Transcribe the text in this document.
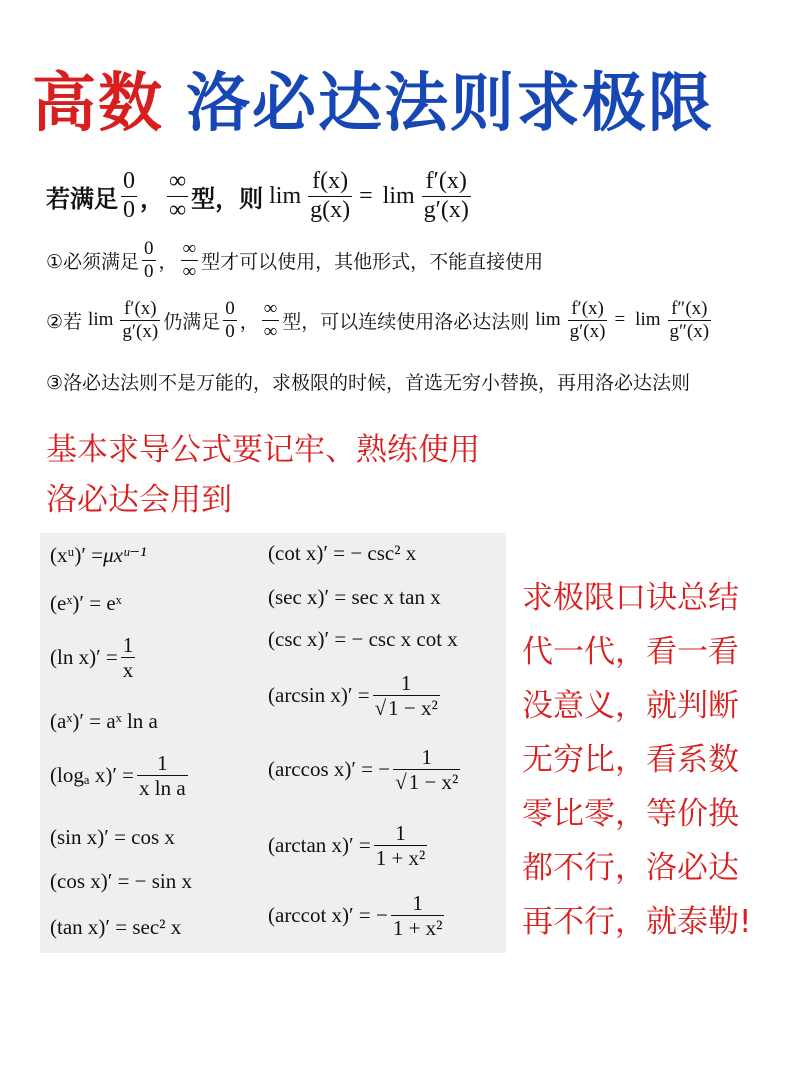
高数 洛必达法则求极限
若满足 $\frac{0}{0}$ ， $\frac{\infty}{\infty}$ 型，则 $\lim \frac{f(x)}{g(x)} = \lim \frac{f'(x)}{g'(x)}$
①必须满足 $\frac{0}{0}$ ， $\frac{\infty}{\infty}$ 型才可以使用，其他形式，不能直接使用
②若 $\lim \frac{f'(x)}{g'(x)}$ 仍满足 $\frac{0}{0}$ ， $\frac{\infty}{\infty}$ 型，可以连续使用洛必达法则 $\lim \frac{f'(x)}{g'(x)} = \lim \frac{f''(x)}{g''(x)}$
③洛必达法则不是万能的，求极限的时候，首选无穷小替换，再用洛必达法则
基本求导公式要记牢、熟练使用
洛必达会用到
(xᵘ)′ = μxᵘ⁻¹
(eˣ)′ = eˣ
(ln $x)' = \frac{1}{x}$
(aˣ)′ = aˣ ln a
(logₐ $x)' = \frac{1}{\text{x ln a}}$
(sin x)′ = cos x
(cos x)′ = − sin x
(tan x)′ = sec² x
(cot x)′ = − csc² x
(sec x)′ = sec x tan x
(csc x)′ = − csc x cot x
(arcsin $x)' = \frac{1}{\text{√1 − x²}}$
(arccos x)′ = − $\frac{1}{\text{√1 − x²}}$
(arctan $x)' = \frac{1}{\text{1 + x²}}$
(arccot x)′ = − $\frac{1}{\text{1 + x²}}$
求极限口诀总结
代一代，看一看
没意义，就判断
无穷比，看系数
零比零，等价换
都不行，洛必达
再不行，就泰勒!
